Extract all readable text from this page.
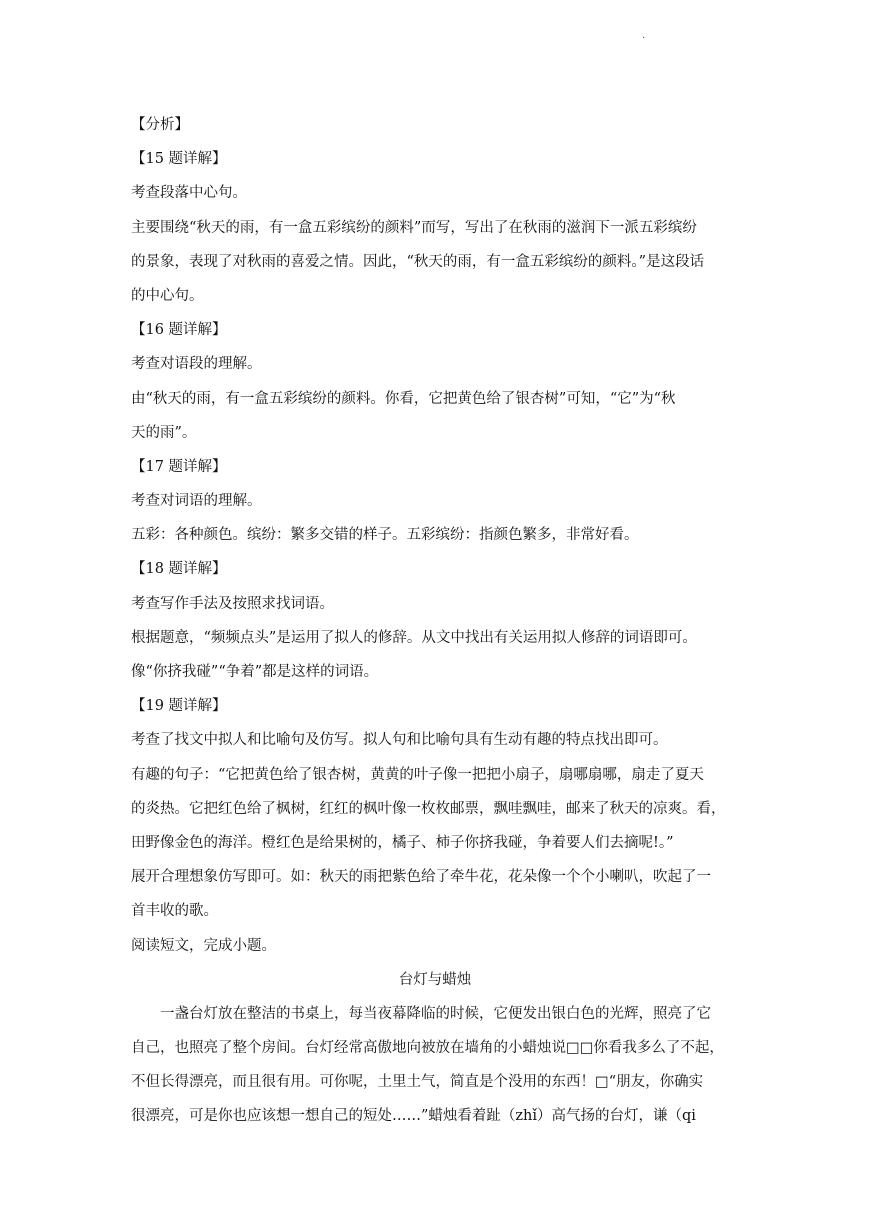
.
【分析】
【15 题详解】
考查段落中心句。
主要围绕“秋天的雨，有一盒五彩缤纷的颜料”而写，写出了在秋雨的滋润下一派五彩缤纷
的景象，表现了对秋雨的喜爱之情。因此，“秋天的雨，有一盒五彩缤纷的颜料。”是这段话
的中心句。
【16 题详解】
考查对语段的理解。
由“秋天的雨，有一盒五彩缤纷的颜料。你看，它把黄色给了银杏树”可知，“它”为“秋
天的雨”。
【17 题详解】
考查对词语的理解。
五彩：各种颜色。缤纷：繁多交错的样子。五彩缤纷：指颜色繁多，非常好看。
【18 题详解】
考查写作手法及按照求找词语。
根据题意，“频频点头”是运用了拟人的修辞。从文中找出有关运用拟人修辞的词语即可。
像“你挤我碰”“争着”都是这样的词语。
【19 题详解】
考查了找文中拟人和比喻句及仿写。拟人句和比喻句具有生动有趣的特点找出即可。
有趣的句子：“它把黄色给了银杏树，黄黄的叶子像一把把小扇子，扇哪扇哪，扇走了夏天
的炎热。它把红色给了枫树，红红的枫叶像一枚枚邮票，飘哇飘哇，邮来了秋天的凉爽。看，
田野像金色的海洋。橙红色是给果树的，橘子、柿子你挤我碰，争着要人们去摘呢!。”
展开合理想象仿写即可。如：秋天的雨把紫色给了牵牛花，花朵像一个个小喇叭，吹起了一
首丰收的歌。
阅读短文，完成小题。
台灯与蜡烛
一盏台灯放在整洁的书桌上，每当夜幕降临的时候，它便发出银白色的光辉，照亮了它
自己，也照亮了整个房间。台灯经常高傲地向被放在墙角的小蜡烛说□□你看我多么了不起，
不但长得漂亮，而且很有用。可你呢，土里土气，简直是个没用的东西！□“朋友，你确实
很漂亮，可是你也应该想一想自己的短处……”蜡烛看着趾（zhǐ）高气扬的台灯，谦（qi
